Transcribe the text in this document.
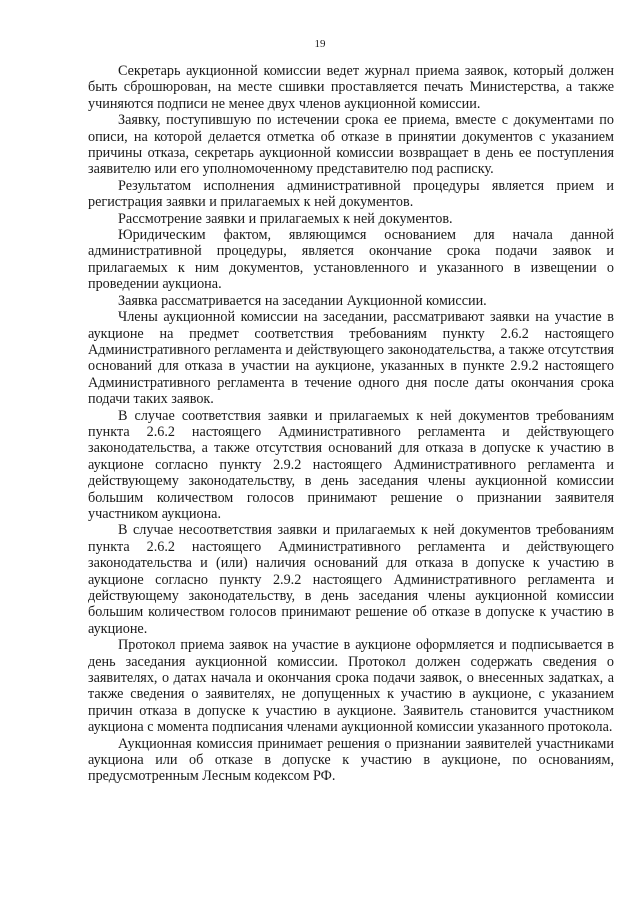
19

Секретарь аукционной комиссии ведет журнал приема заявок, который должен быть сброшюрован, на месте сшивки проставляется печать Министерства, а также учиняются подписи не менее двух членов аукционной комиссии.

Заявку, поступившую по истечении срока ее приема, вместе с документами по описи, на которой делается отметка об отказе в принятии документов с указанием причины отказа, секретарь аукционной комиссии возвращает в день ее поступления заявителю или его уполномоченному представителю под расписку.

Результатом исполнения административной процедуры является прием и регистрация заявки и прилагаемых к ней документов.

Рассмотрение заявки и прилагаемых к ней документов.

Юридическим фактом, являющимся основанием для начала данной административной процедуры, является окончание срока подачи заявок и прилагаемых к ним документов, установленного и указанного в извещении о проведении аукциона.

Заявка рассматривается на заседании Аукционной комиссии.

Члены аукционной комиссии на заседании, рассматривают заявки на участие в аукционе на предмет соответствия требованиям пункту 2.6.2 настоящего Административного регламента и действующего законодательства, а также отсутствия оснований для отказа в участии на аукционе, указанных в пункте 2.9.2 настоящего Административного регламента в течение одного дня после даты окончания срока подачи таких заявок.

В случае соответствия заявки и прилагаемых к ней документов требованиям пункта 2.6.2 настоящего Административного регламента и действующего законодательства, а также отсутствия оснований для отказа в допуске к участию в аукционе согласно пункту 2.9.2 настоящего Административного регламента и действующему законодательству, в день заседания члены аукционной комиссии большим количеством голосов принимают решение о признании заявителя участником аукциона.

В случае несоответствия заявки и прилагаемых к ней документов требованиям пункта 2.6.2 настоящего Административного регламента и действующего законодательства и (или) наличия оснований для отказа в допуске к участию в аукционе согласно пункту 2.9.2 настоящего Административного регламента и действующему законодательству, в день заседания члены аукционной комиссии большим количеством голосов принимают решение об отказе в допуске к участию в аукционе.

Протокол приема заявок на участие в аукционе оформляется и подписывается в день заседания аукционной комиссии. Протокол должен содержать сведения о заявителях, о датах начала и окончания срока подачи заявок, о внесенных задатках, а также сведения о заявителях, не допущенных к участию в аукционе, с указанием причин отказа в допуске к участию в аукционе. Заявитель становится участником аукциона с момента подписания членами аукционной комиссии указанного протокола.

Аукционная комиссия принимает решения о признании заявителей участниками аукциона или об отказе в допуске к участию в аукционе, по основаниям, предусмотренным Лесным кодексом РФ.
